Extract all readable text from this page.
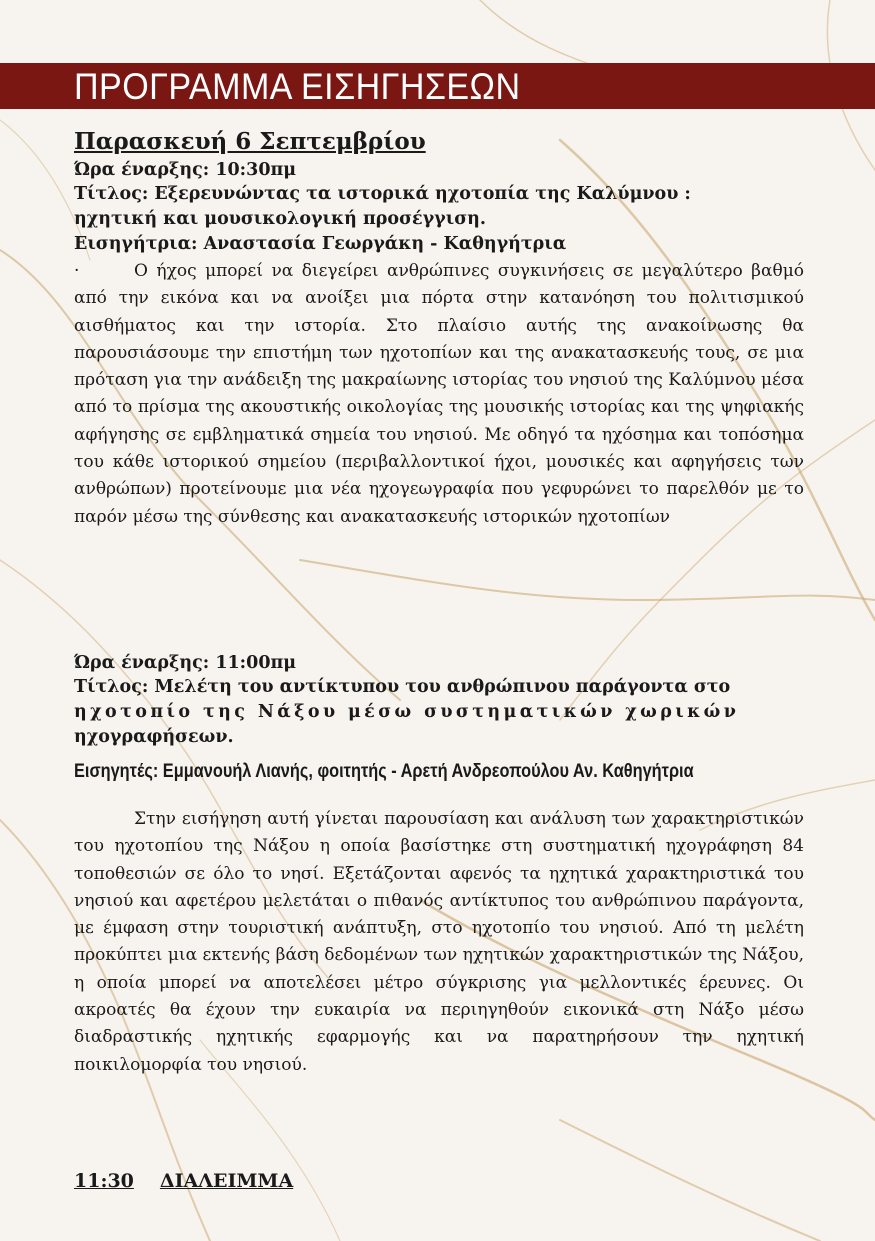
ΠΡΟΓΡΑΜΜΑ ΕΙΣΗΓΗΣΕΩΝ

Παρασκευή 6 Σεπτεμβρίου

Ώρα έναρξης: 10:30πμ

Τίτλος: Εξερευνώντας τα ιστορικά ηχοτοπία της Καλύμνου :

ηχητική και μουσικολογική προσέγγιση.

Εισηγήτρια: Αναστασία Γεωργάκη - Καθηγήτρια

·	Ο ήχος μπορεί να διεγείρει ανθρώπινες συγκινήσεις σε μεγαλύτερο βαθμό από την εικόνα και να ανοίξει μια πόρτα στην κατανόηση του πολιτισμικού αισθήματος και την ιστορία. Στο πλαίσιο αυτής της ανακοίνωσης θα παρουσιάσουμε την επιστήμη των ηχοτοπίων και της ανακατασκευής τους, σε μια πρόταση για την ανάδειξη της μακραίωνης ιστορίας του νησιού της Καλύμνου μέσα από το πρίσμα της ακουστικής οικολογίας της μουσικής ιστορίας και της ψηφιακής αφήγησης σε εμβληματικά σημεία του νησιού. Με οδηγό τα ηχόσημα και τοπόσημα του κάθε ιστορικού σημείου (περιβαλλοντικοί ήχοι, μουσικές και αφηγήσεις των ανθρώπων) προτείνουμε μια νέα ηχογεωγραφία που γεφυρώνει το παρελθόν με το παρόν μέσω της σύνθεσης και ανακατασκευής ιστορικών ηχοτοπίων

Ώρα έναρξης: 11:00πμ

Τίτλος: Μελέτη του αντίκτυπου του ανθρώπινου παράγοντα στο

ηχοτοπίο της Νάξου μέσω συστηματικών χωρικών

ηχογραφήσεων.

Εισηγητές: Εμμανουήλ Λιανής, φοιτητής - Αρετή Ανδρεοπούλου Αν. Καθηγήτρια

Στην εισήγηση αυτή γίνεται παρουσίαση και ανάλυση των χαρακτηριστικών του ηχοτοπίου της Νάξου η οποία βασίστηκε στη συστηματική ηχογράφηση 84 τοποθεσιών σε όλο το νησί. Εξετάζονται αφενός τα ηχητικά χαρακτηριστικά του νησιού και αφετέρου μελετάται ο πιθανός αντίκτυπος του ανθρώπινου παράγοντα, με έμφαση στην τουριστική ανάπτυξη, στο ηχοτοπίο του νησιού. Από τη μελέτη προκύπτει μια εκτενής βάση δεδομένων των ηχητικών χαρακτηριστικών της Νάξου, η οποία μπορεί να αποτελέσει μέτρο σύγκρισης για μελλοντικές έρευνες. Οι ακροατές θα έχουν την ευκαιρία να περιηγηθούν εικονικά στη Νάξο μέσω διαδραστικής ηχητικής εφαρμογής και να παρατηρήσουν την ηχητική ποικιλομορφία του νησιού.

11:30 ΔΙΑΛΕΙΜΜΑ
